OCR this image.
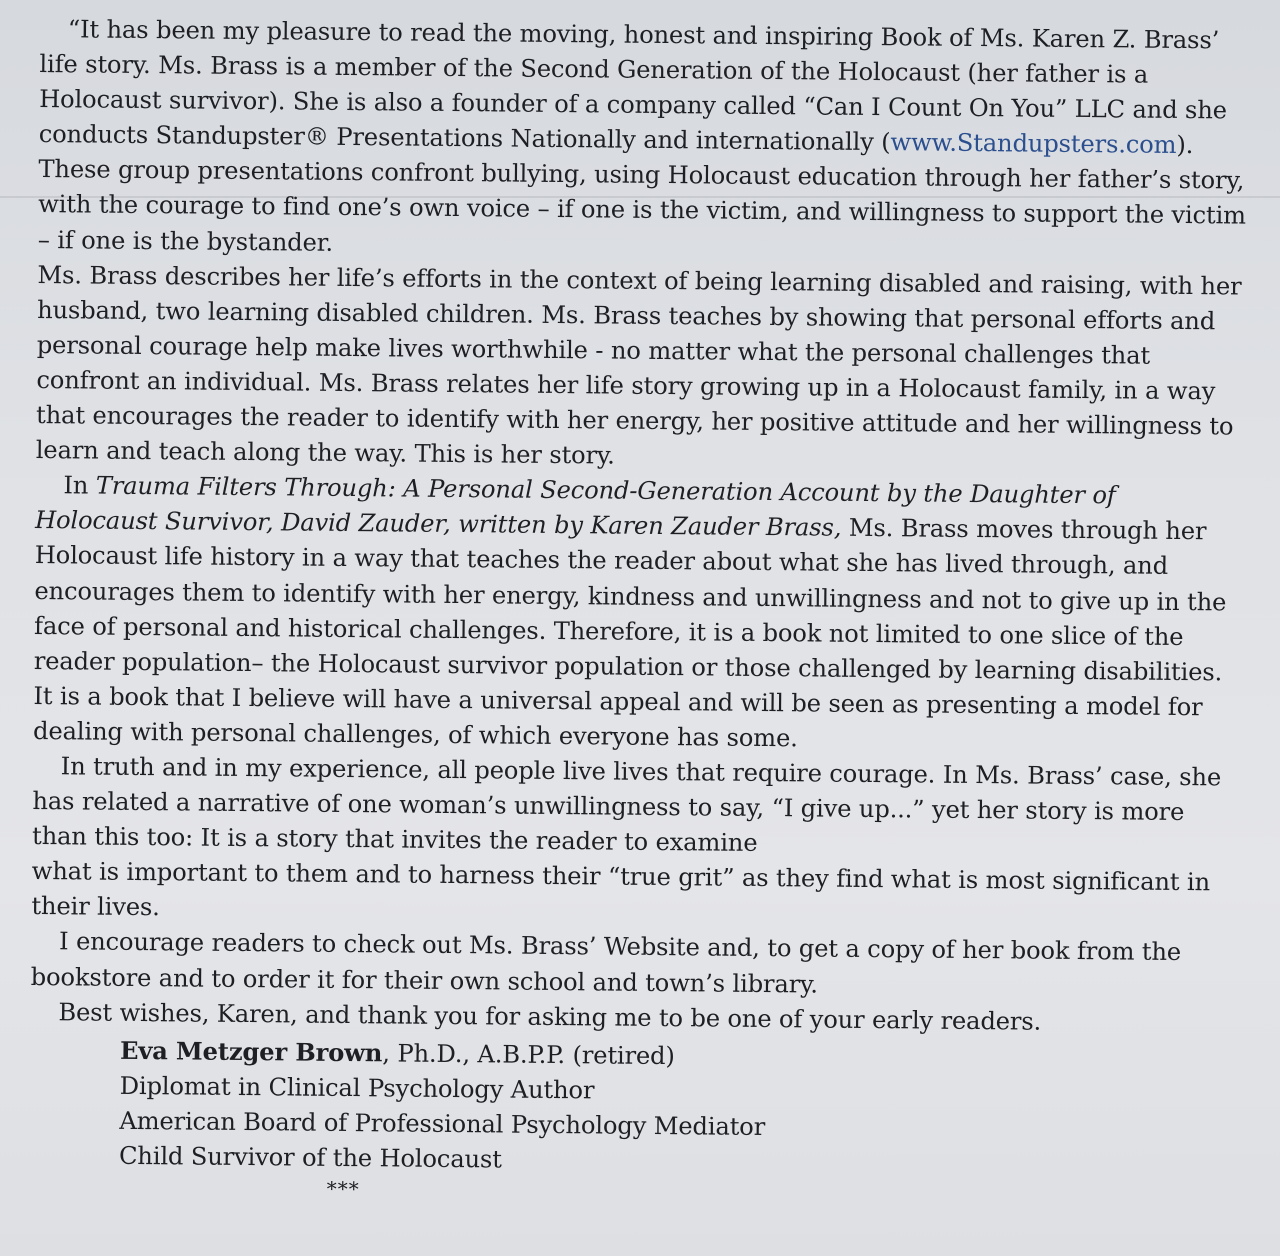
“It has been my pleasure to read the moving, honest and inspiring Book of Ms. Karen Z. Brass’ life story. Ms. Brass is a member of the Second Generation of the Holocaust (her father is a Holocaust survivor). She is also a founder of a company called “Can I Count On You” LLC and she conducts Standupster® Presentations Nationally and internationally (www.Standupsters.com). These group presentations confront bullying, using Holocaust education through her father’s story, with the courage to find one’s own voice – if one is the victim, and willingness to support the victim – if one is the bystander.

Ms. Brass describes her life’s efforts in the context of being learning disabled and raising, with her husband, two learning disabled children. Ms. Brass teaches by showing that personal efforts and personal courage help make lives worthwhile - no matter what the personal challenges that confront an individual. Ms. Brass relates her life story growing up in a Holocaust family, in a way that encourages the reader to identify with her energy, her positive attitude and her willingness to learn and teach along the way. This is her story.

In Trauma Filters Through: A Personal Second-Generation Account by the Daughter of Holocaust Survivor, David Zauder, written by Karen Zauder Brass, Ms. Brass moves through her Holocaust life history in a way that teaches the reader about what she has lived through, and encourages them to identify with her energy, kindness and unwillingness and not to give up in the face of personal and historical challenges. Therefore, it is a book not limited to one slice of the reader population– the Holocaust survivor population or those challenged by learning disabilities. It is a book that I believe will have a universal appeal and will be seen as presenting a model for dealing with personal challenges, of which everyone has some.

In truth and in my experience, all people live lives that require courage. In Ms. Brass’ case, she has related a narrative of one woman’s unwillingness to say, “I give up...” yet her story is more than this too: It is a story that invites the reader to examine

what is important to them and to harness their “true grit” as they find what is most significant in their lives.

I encourage readers to check out Ms. Brass’ Website and, to get a copy of her book from the bookstore and to order it for their own school and town’s library.

Best wishes, Karen, and thank you for asking me to be one of your early readers.

Eva Metzger Brown, Ph.D., A.B.P.P. (retired)
Diplomat in Clinical Psychology Author
American Board of Professional Psychology Mediator
Child Survivor of the Holocaust
***
